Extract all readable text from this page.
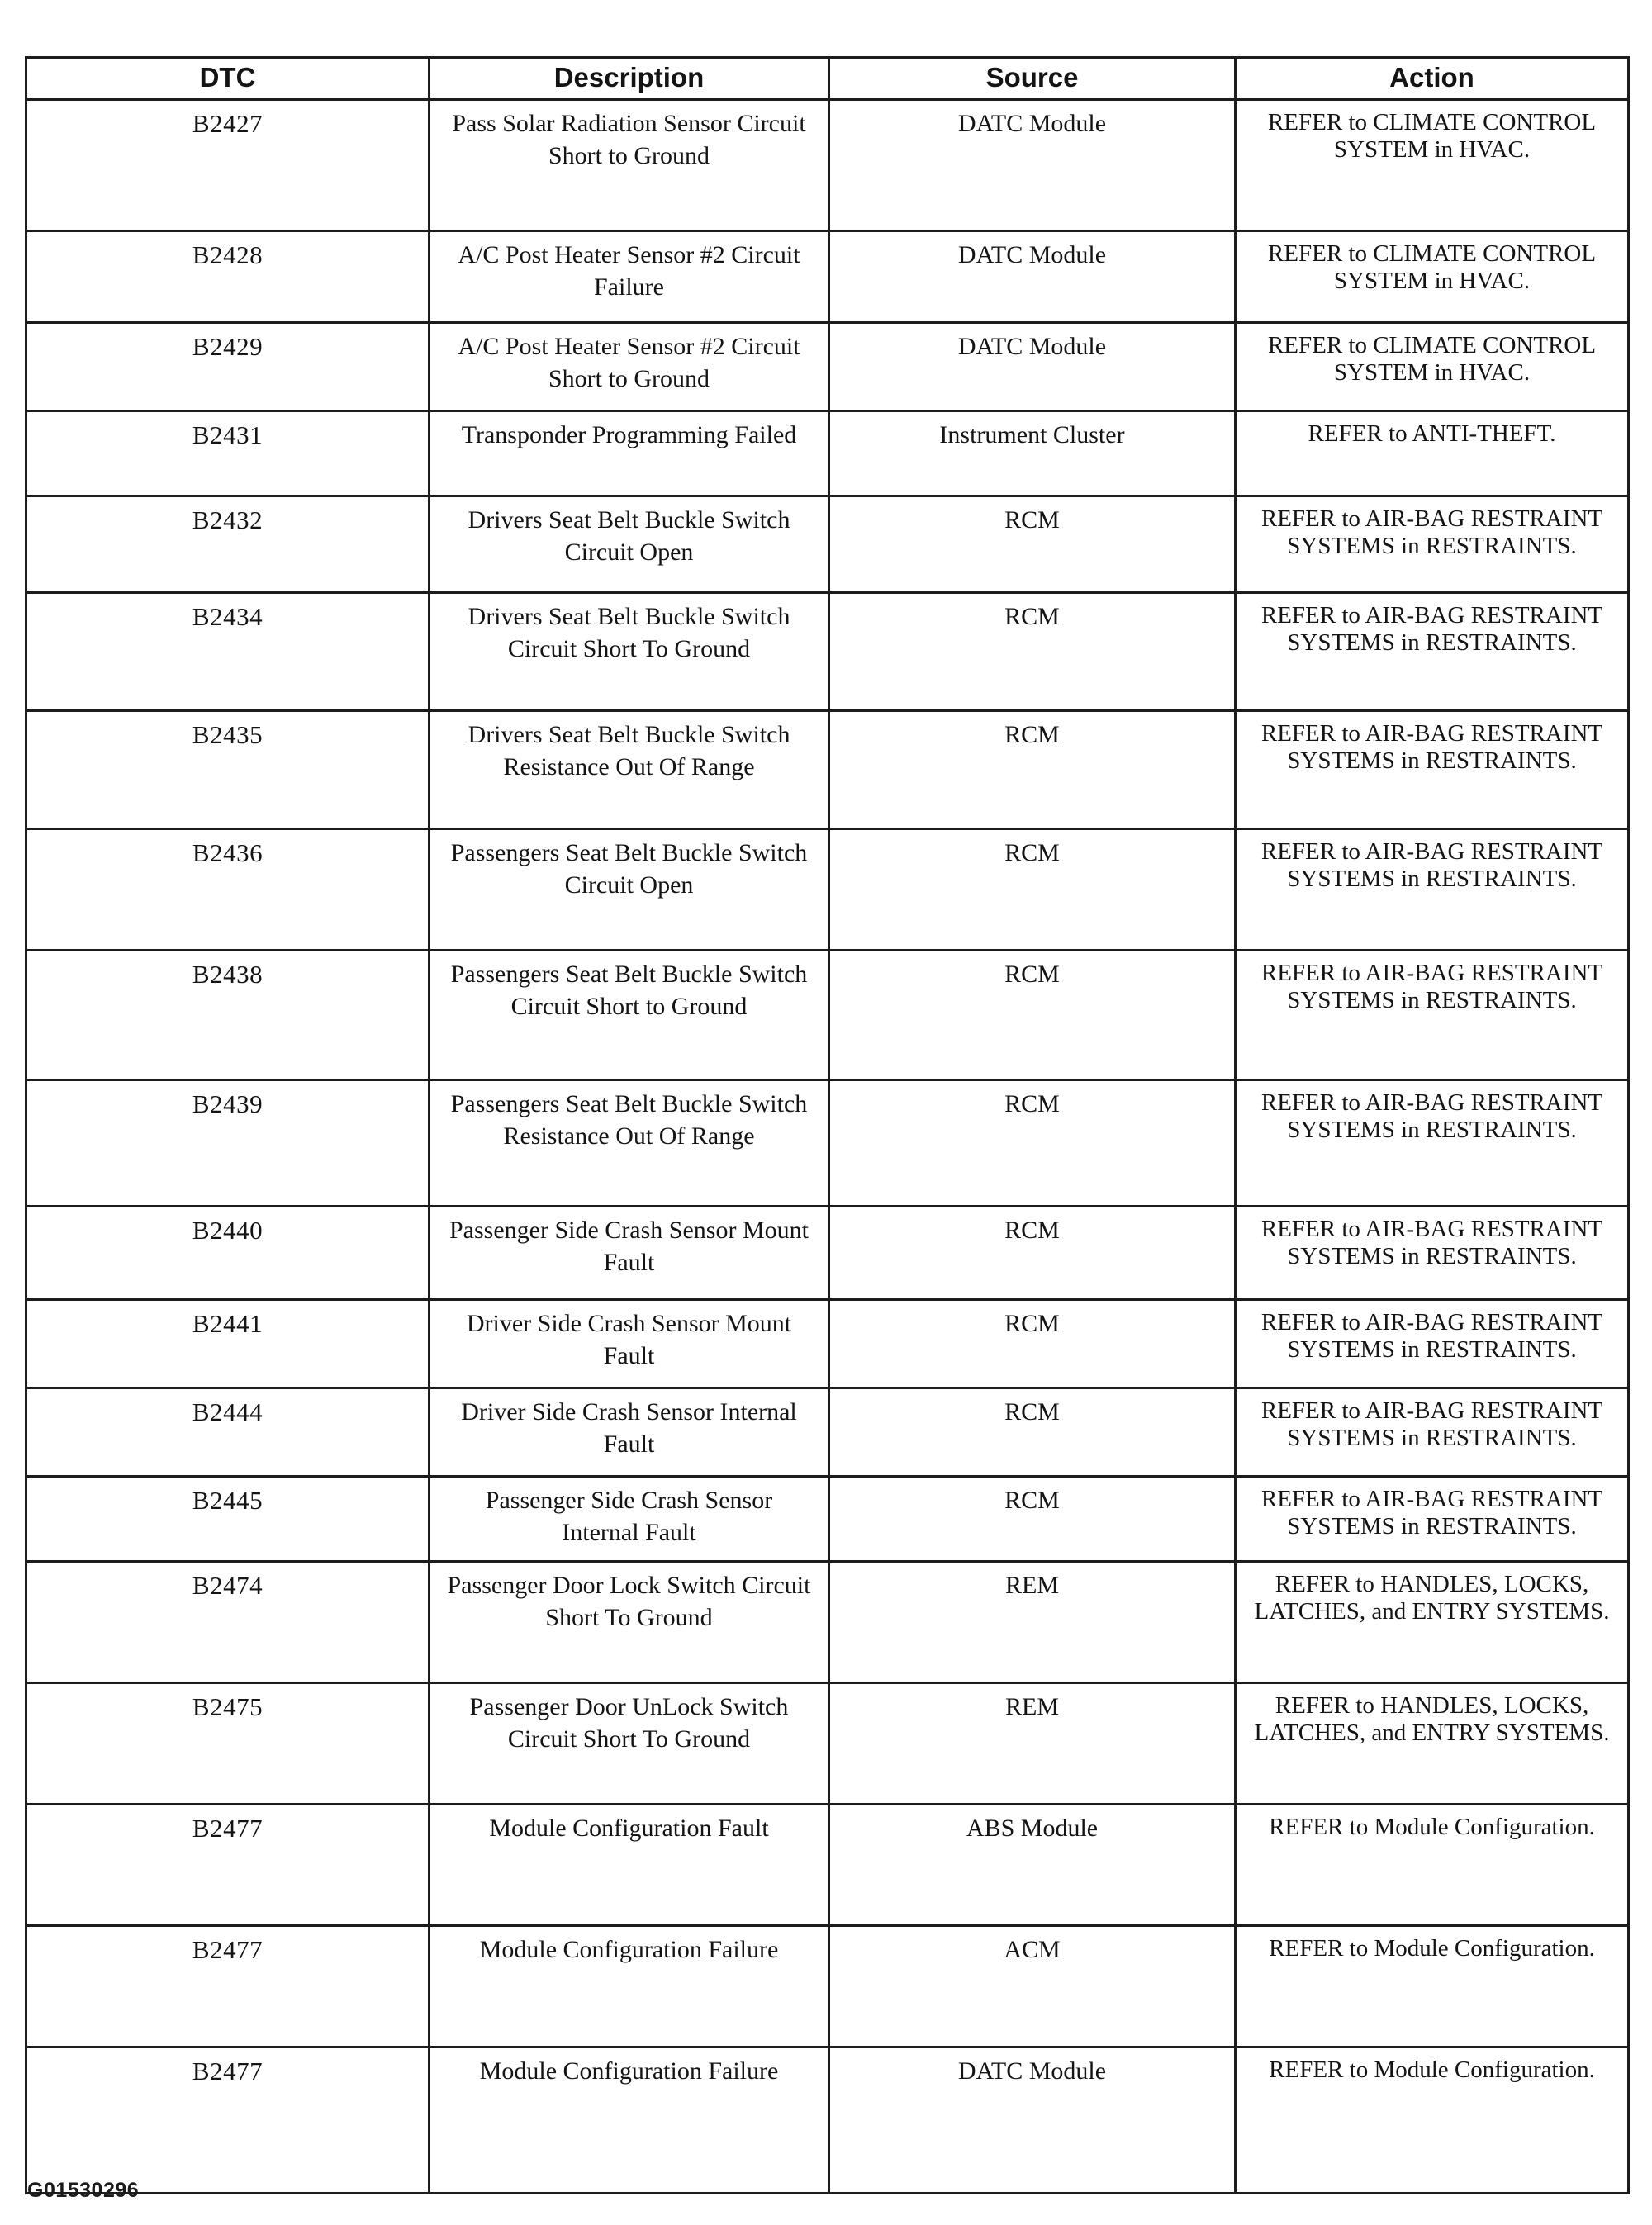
DTC	Description	Source	Action
B2427	Pass Solar Radiation Sensor Circuit Short to Ground	DATC Module	REFER to CLIMATE CONTROL SYSTEM in HVAC.
B2428	A/C Post Heater Sensor #2 Circuit Failure	DATC Module	REFER to CLIMATE CONTROL SYSTEM in HVAC.
B2429	A/C Post Heater Sensor #2 Circuit Short to Ground	DATC Module	REFER to CLIMATE CONTROL SYSTEM in HVAC.
B2431	Transponder Programming Failed	Instrument Cluster	REFER to ANTI-THEFT.
B2432	Drivers Seat Belt Buckle Switch Circuit Open	RCM	REFER to AIR-BAG RESTRAINT SYSTEMS in RESTRAINTS.
B2434	Drivers Seat Belt Buckle Switch Circuit Short To Ground	RCM	REFER to AIR-BAG RESTRAINT SYSTEMS in RESTRAINTS.
B2435	Drivers Seat Belt Buckle Switch Resistance Out Of Range	RCM	REFER to AIR-BAG RESTRAINT SYSTEMS in RESTRAINTS.
B2436	Passengers Seat Belt Buckle Switch Circuit Open	RCM	REFER to AIR-BAG RESTRAINT SYSTEMS in RESTRAINTS.
B2438	Passengers Seat Belt Buckle Switch Circuit Short to Ground	RCM	REFER to AIR-BAG RESTRAINT SYSTEMS in RESTRAINTS.
B2439	Passengers Seat Belt Buckle Switch Resistance Out Of Range	RCM	REFER to AIR-BAG RESTRAINT SYSTEMS in RESTRAINTS.
B2440	Passenger Side Crash Sensor Mount Fault	RCM	REFER to AIR-BAG RESTRAINT SYSTEMS in RESTRAINTS.
B2441	Driver Side Crash Sensor Mount Fault	RCM	REFER to AIR-BAG RESTRAINT SYSTEMS in RESTRAINTS.
B2444	Driver Side Crash Sensor Internal Fault	RCM	REFER to AIR-BAG RESTRAINT SYSTEMS in RESTRAINTS.
B2445	Passenger Side Crash Sensor Internal Fault	RCM	REFER to AIR-BAG RESTRAINT SYSTEMS in RESTRAINTS.
B2474	Passenger Door Lock Switch Circuit Short To Ground	REM	REFER to HANDLES, LOCKS, LATCHES, and ENTRY SYSTEMS.
B2475	Passenger Door UnLock Switch Circuit Short To Ground	REM	REFER to HANDLES, LOCKS, LATCHES, and ENTRY SYSTEMS.
B2477	Module Configuration Fault	ABS Module	REFER to Module Configuration.
B2477	Module Configuration Failure	ACM	REFER to Module Configuration.
B2477	Module Configuration Failure	DATC Module	REFER to Module Configuration.
G01530296
